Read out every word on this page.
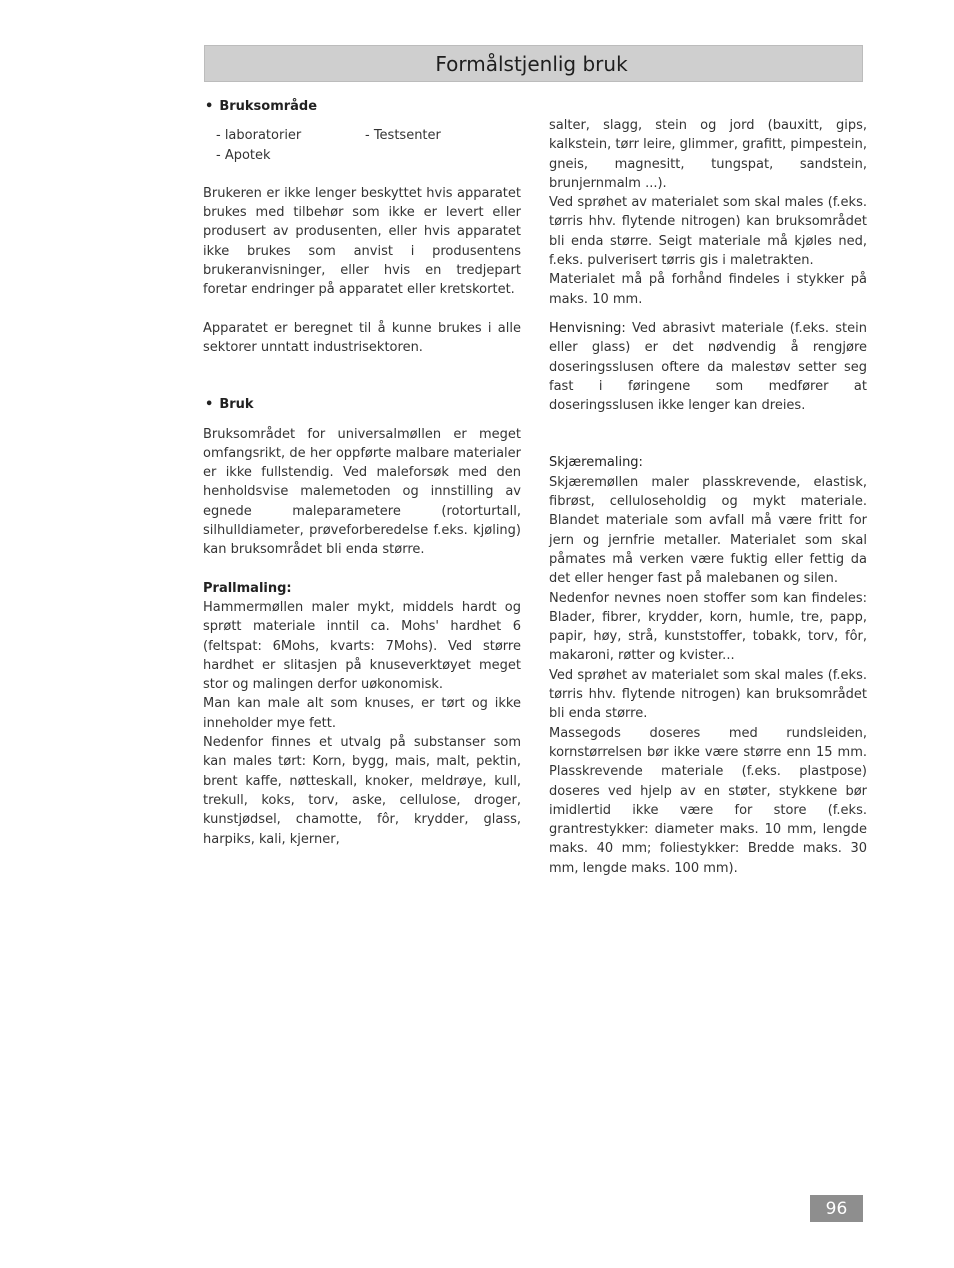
Formålstjenlig bruk
• Bruksområde
- laboratorier	- Testsenter
- Apotek

Brukeren er ikke lenger beskyttet hvis apparatet brukes med tilbehør som ikke er levert eller produsert av produsenten, eller hvis apparatet ikke brukes som anvist i produsentens brukeranvisninger, eller hvis en tredjepart foretar endringer på apparatet eller kretskortet.

Apparatet er beregnet til å kunne brukes i alle sektorer unntatt industrisektoren.

• Bruk

Bruksområdet for universalmøllen er meget omfangsrikt, de her oppførte malbare materialer er ikke fullstendig. Ved maleforsøk med den henholdsvise malemetoden og innstilling av egnede maleparametere (rotorturtall, silhulldiameter, prøveforberedelse f.eks. kjøling) kan bruksområdet bli enda større.

Prallmaling:

Hammermøllen maler mykt, middels hardt og sprøtt materiale inntil ca. Mohs' hardhet 6 (feltspat: 6Mohs, kvarts: 7Mohs). Ved større hardhet er slitasjen på knuseverktøyet meget stor og malingen derfor uøkonomisk.

Man kan male alt som knuses, er tørt og ikke inneholder mye fett.

Nedenfor finnes et utvalg på substanser som kan males tørt: Korn, bygg, mais, malt, pektin, brent kaffe, nøtteskall, knoker, meldrøye, kull, trekull, koks, torv, aske, cellulose, droger, kunstjødsel, chamotte, fôr, krydder, glass, harpiks, kali, kjerner,

salter, slagg, stein og jord (bauxitt, gips, kalkstein, tørr leire, glimmer, grafitt, pimpestein, gneis, magnesitt, tungspat, sandstein, brunjernmalm ...).

Ved sprøhet av materialet som skal males (f.eks. tørris hhv. flytende nitrogen) kan bruksområdet bli enda større. Seigt materiale må kjøles ned, f.eks. pulverisert tørris gis i maletrakten.

Materialet må på forhånd findeles i stykker på maks. 10 mm.

Henvisning: Ved abrasivt materiale (f.eks. stein eller glass) er det nødvendig å rengjøre doseringsslusen oftere da malestøv setter seg fast i føringene som medfører at doseringsslusen ikke lenger kan dreies.

Skjæremaling:

Skjæremøllen maler plasskrevende, elastisk, fibrøst, celluloseholdig og mykt materiale. Blandet materiale som avfall må være fritt for jern og jernfrie metaller. Materialet som skal påmates må verken være fuktig eller fettig da det eller henger fast på malebanen og silen.

Nedenfor nevnes noen stoffer som kan findeles: Blader, fibrer, krydder, korn, humle, tre, papp, papir, høy, strå, kunststoffer, tobakk, torv, fôr, makaroni, røtter og kvister...

Ved sprøhet av materialet som skal males (f.eks. tørris hhv. flytende nitrogen) kan bruksområdet bli enda større.

Massegods doseres med rundsleiden, kornstørrelsen bør ikke være større enn 15 mm. Plasskrevende materiale (f.eks. plastpose) doseres ved hjelp av en støter, stykkene bør imidlertid ikke være for store (f.eks. grantrestykker: diameter maks. 10 mm, lengde maks. 40 mm; foliestykker: Bredde maks. 30 mm, lengde maks. 100 mm).

96
